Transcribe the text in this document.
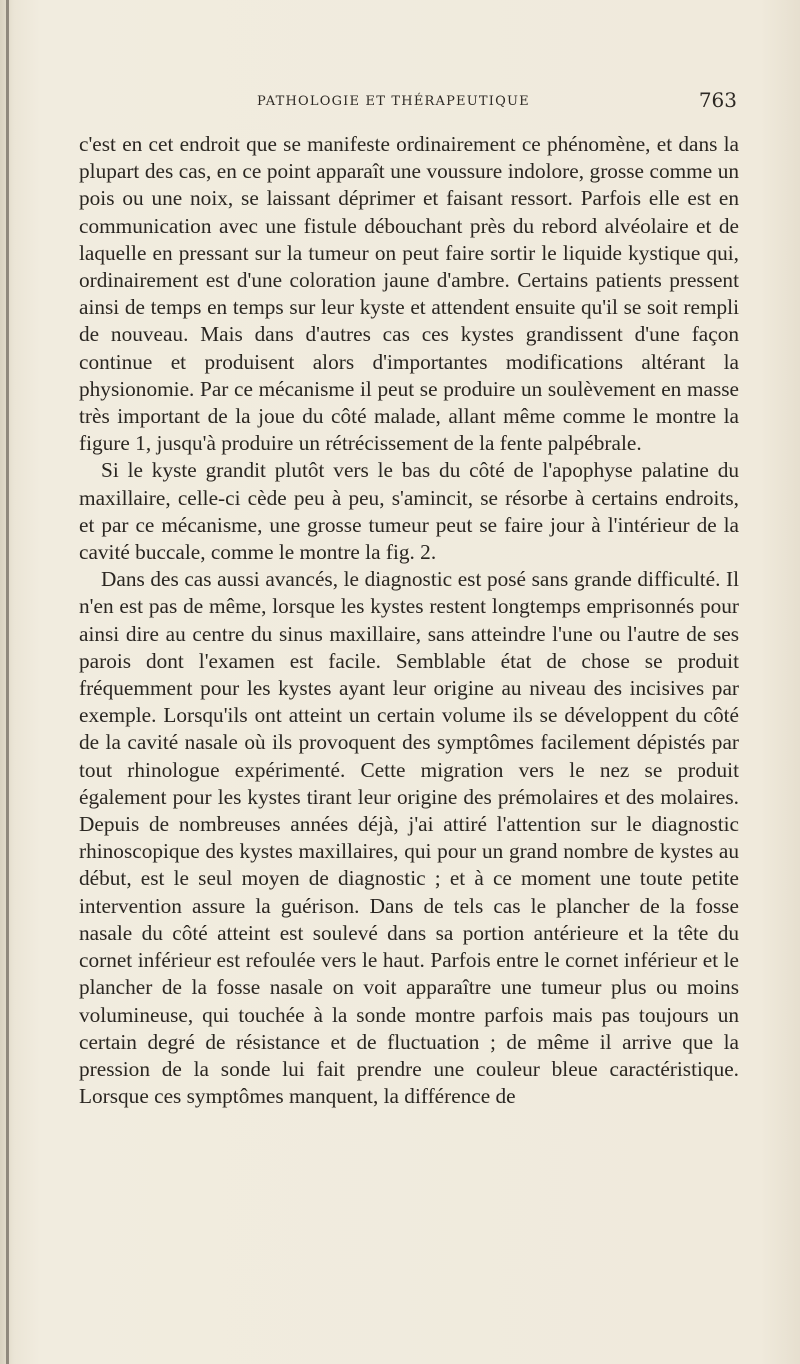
PATHOLOGIE ET THÉRAPEUTIQUE	763

c'est en cet endroit que se manifeste ordinairement ce phénomène, et dans la plupart des cas, en ce point apparaît une voussure indolore, grosse comme un pois ou une noix, se laissant déprimer et faisant ressort. Parfois elle est en communication avec une fistule débouchant près du rebord alvéolaire et de laquelle en pressant sur la tumeur on peut faire sortir le liquide kystique qui, ordinairement est d'une coloration jaune d'ambre. Certains patients pressent ainsi de temps en temps sur leur kyste et attendent ensuite qu'il se soit rempli de nouveau. Mais dans d'autres cas ces kystes grandissent d'une façon continue et produisent alors d'importantes modifications altérant la physionomie. Par ce mécanisme il peut se produire un soulèvement en masse très important de la joue du côté malade, allant même comme le montre la figure 1, jusqu'à produire un rétrécissement de la fente palpébrale.

Si le kyste grandit plutôt vers le bas du côté de l'apophyse palatine du maxillaire, celle-ci cède peu à peu, s'amincit, se résorbe à certains endroits, et par ce mécanisme, une grosse tumeur peut se faire jour à l'intérieur de la cavité buccale, comme le montre la fig. 2.

Dans des cas aussi avancés, le diagnostic est posé sans grande difficulté. Il n'en est pas de même, lorsque les kystes restent longtemps emprisonnés pour ainsi dire au centre du sinus maxillaire, sans atteindre l'une ou l'autre de ses parois dont l'examen est facile. Semblable état de chose se produit fréquemment pour les kystes ayant leur origine au niveau des incisives par exemple. Lorsqu'ils ont atteint un certain volume ils se développent du côté de la cavité nasale où ils provoquent des symptômes facilement dépistés par tout rhinologue expérimenté. Cette migration vers le nez se produit également pour les kystes tirant leur origine des prémolaires et des molaires. Depuis de nombreuses années déjà, j'ai attiré l'attention sur le diagnostic rhinoscopique des kystes maxillaires, qui pour un grand nombre de kystes au début, est le seul moyen de diagnostic ; et à ce moment une toute petite intervention assure la guérison. Dans de tels cas le plancher de la fosse nasale du côté atteint est soulevé dans sa portion antérieure et la tête du cornet inférieur est refoulée vers le haut. Parfois entre le cornet inférieur et le plancher de la fosse nasale on voit apparaître une tumeur plus ou moins volumineuse, qui touchée à la sonde montre parfois mais pas toujours un certain degré de résistance et de fluctuation ; de même il arrive que la pression de la sonde lui fait prendre une couleur bleue caractéristique. Lorsque ces symptômes manquent, la différence de
